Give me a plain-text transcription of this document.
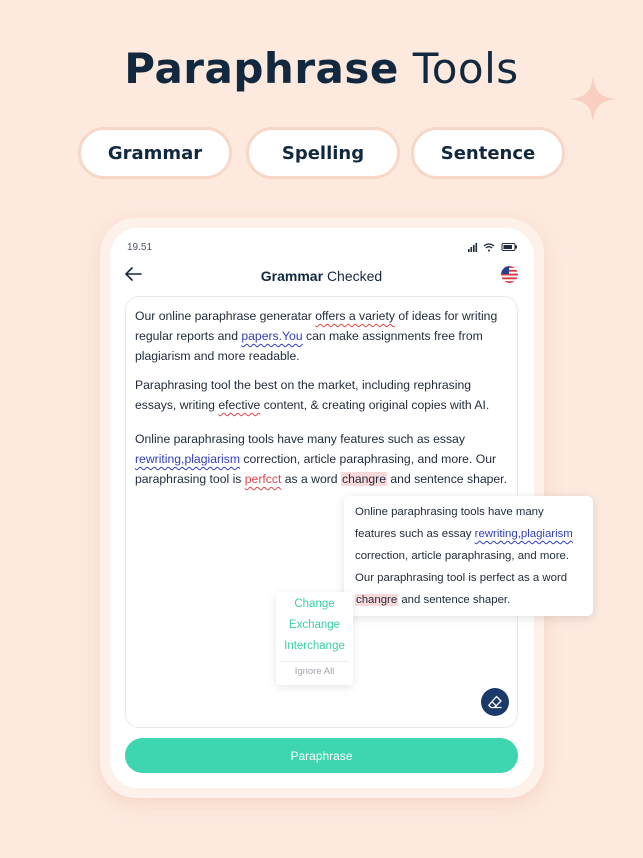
Paraphrase Tools
Grammar	Spelling	Sentence
19.51
Grammar Checked

Our online paraphrase generatar offers a variety of ideas for writing regular reports and papers.You can make assignments free from plagiarism and more readable.

Paraphrasing tool the best on the market, including rephrasing essays, writing efective content, & creating original copies with AI.

Online paraphrasing tools have many features such as essay rewriting,plagiarism correction, article paraphrasing, and more. Our paraphrasing tool is perfcct as a word changre and sentence shaper.

Online paraphrasing tools have many features such as essay rewriting,plagiarism correction, article paraphrasing, and more. Our paraphrasing tool is perfect as a word changre and sentence shaper.
Change
Exchange
Interchange
Ignore All
Paraphrase
